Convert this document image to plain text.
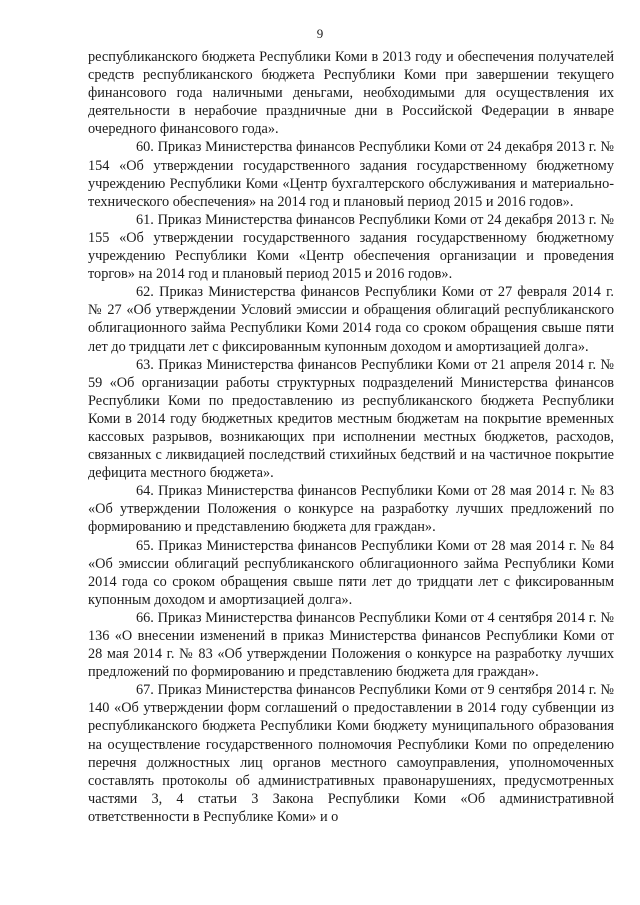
9

республиканского бюджета Республики Коми в 2013 году и обеспечения получателей средств республиканского бюджета Республики Коми при завершении текущего финансового года наличными деньгами, необходимыми для осуществления их деятельности в нерабочие праздничные дни в Российской Федерации в январе очередного финансового года».

60. Приказ Министерства финансов Республики Коми от 24 декабря 2013 г. № 154 «Об утверждении государственного задания государственному бюджетному учреждению Республики Коми «Центр бухгалтерского обслуживания и материально-технического обеспечения» на 2014 год и плановый период 2015 и 2016 годов».

61. Приказ Министерства финансов Республики Коми от 24 декабря 2013 г. № 155 «Об утверждении государственного задания государственному бюджетному учреждению Республики Коми «Центр обеспечения организации и проведения торгов» на 2014 год и плановый период 2015 и 2016 годов».

62. Приказ Министерства финансов Республики Коми от 27 февраля 2014 г. № 27 «Об утверждении Условий эмиссии и обращения облигаций республиканского облигационного займа Республики Коми 2014 года со сроком обращения свыше пяти лет до тридцати лет с фиксированным купонным доходом и амортизацией долга».

63. Приказ Министерства финансов Республики Коми от 21 апреля 2014 г. № 59 «Об организации работы структурных подразделений Министерства финансов Республики Коми по предоставлению из республиканского бюджета Республики Коми в 2014 году бюджетных кредитов местным бюджетам на покрытие временных кассовых разрывов, возникающих при исполнении местных бюджетов, расходов, связанных с ликвидацией последствий стихийных бедствий и на частичное покрытие дефицита местного бюджета».

64. Приказ Министерства финансов Республики Коми от 28 мая 2014 г. № 83 «Об утверждении Положения о конкурсе на разработку лучших предложений по формированию и представлению бюджета для граждан».

65. Приказ Министерства финансов Республики Коми от 28 мая 2014 г. № 84 «Об эмиссии облигаций республиканского облигационного займа Республики Коми 2014 года со сроком обращения свыше пяти лет до тридцати лет с фиксированным купонным доходом и амортизацией долга».

66. Приказ Министерства финансов Республики Коми от 4 сентября 2014 г. № 136 «О внесении изменений в приказ Министерства финансов Республики Коми от 28 мая 2014 г. № 83 «Об утверждении Положения о конкурсе на разработку лучших предложений по формированию и представлению бюджета для граждан».

67. Приказ Министерства финансов Республики Коми от 9 сентября 2014 г. № 140 «Об утверждении форм соглашений о предоставлении в 2014 году субвенции из республиканского бюджета Республики Коми бюджету муниципального образования на осуществление государственного полномочия Республики Коми по определению перечня должностных лиц органов местного самоуправления, уполномоченных составлять протоколы об административных правонарушениях, предусмотренных частями 3, 4 статьи 3 Закона Республики Коми «Об административной ответственности в Республике Коми» и о
